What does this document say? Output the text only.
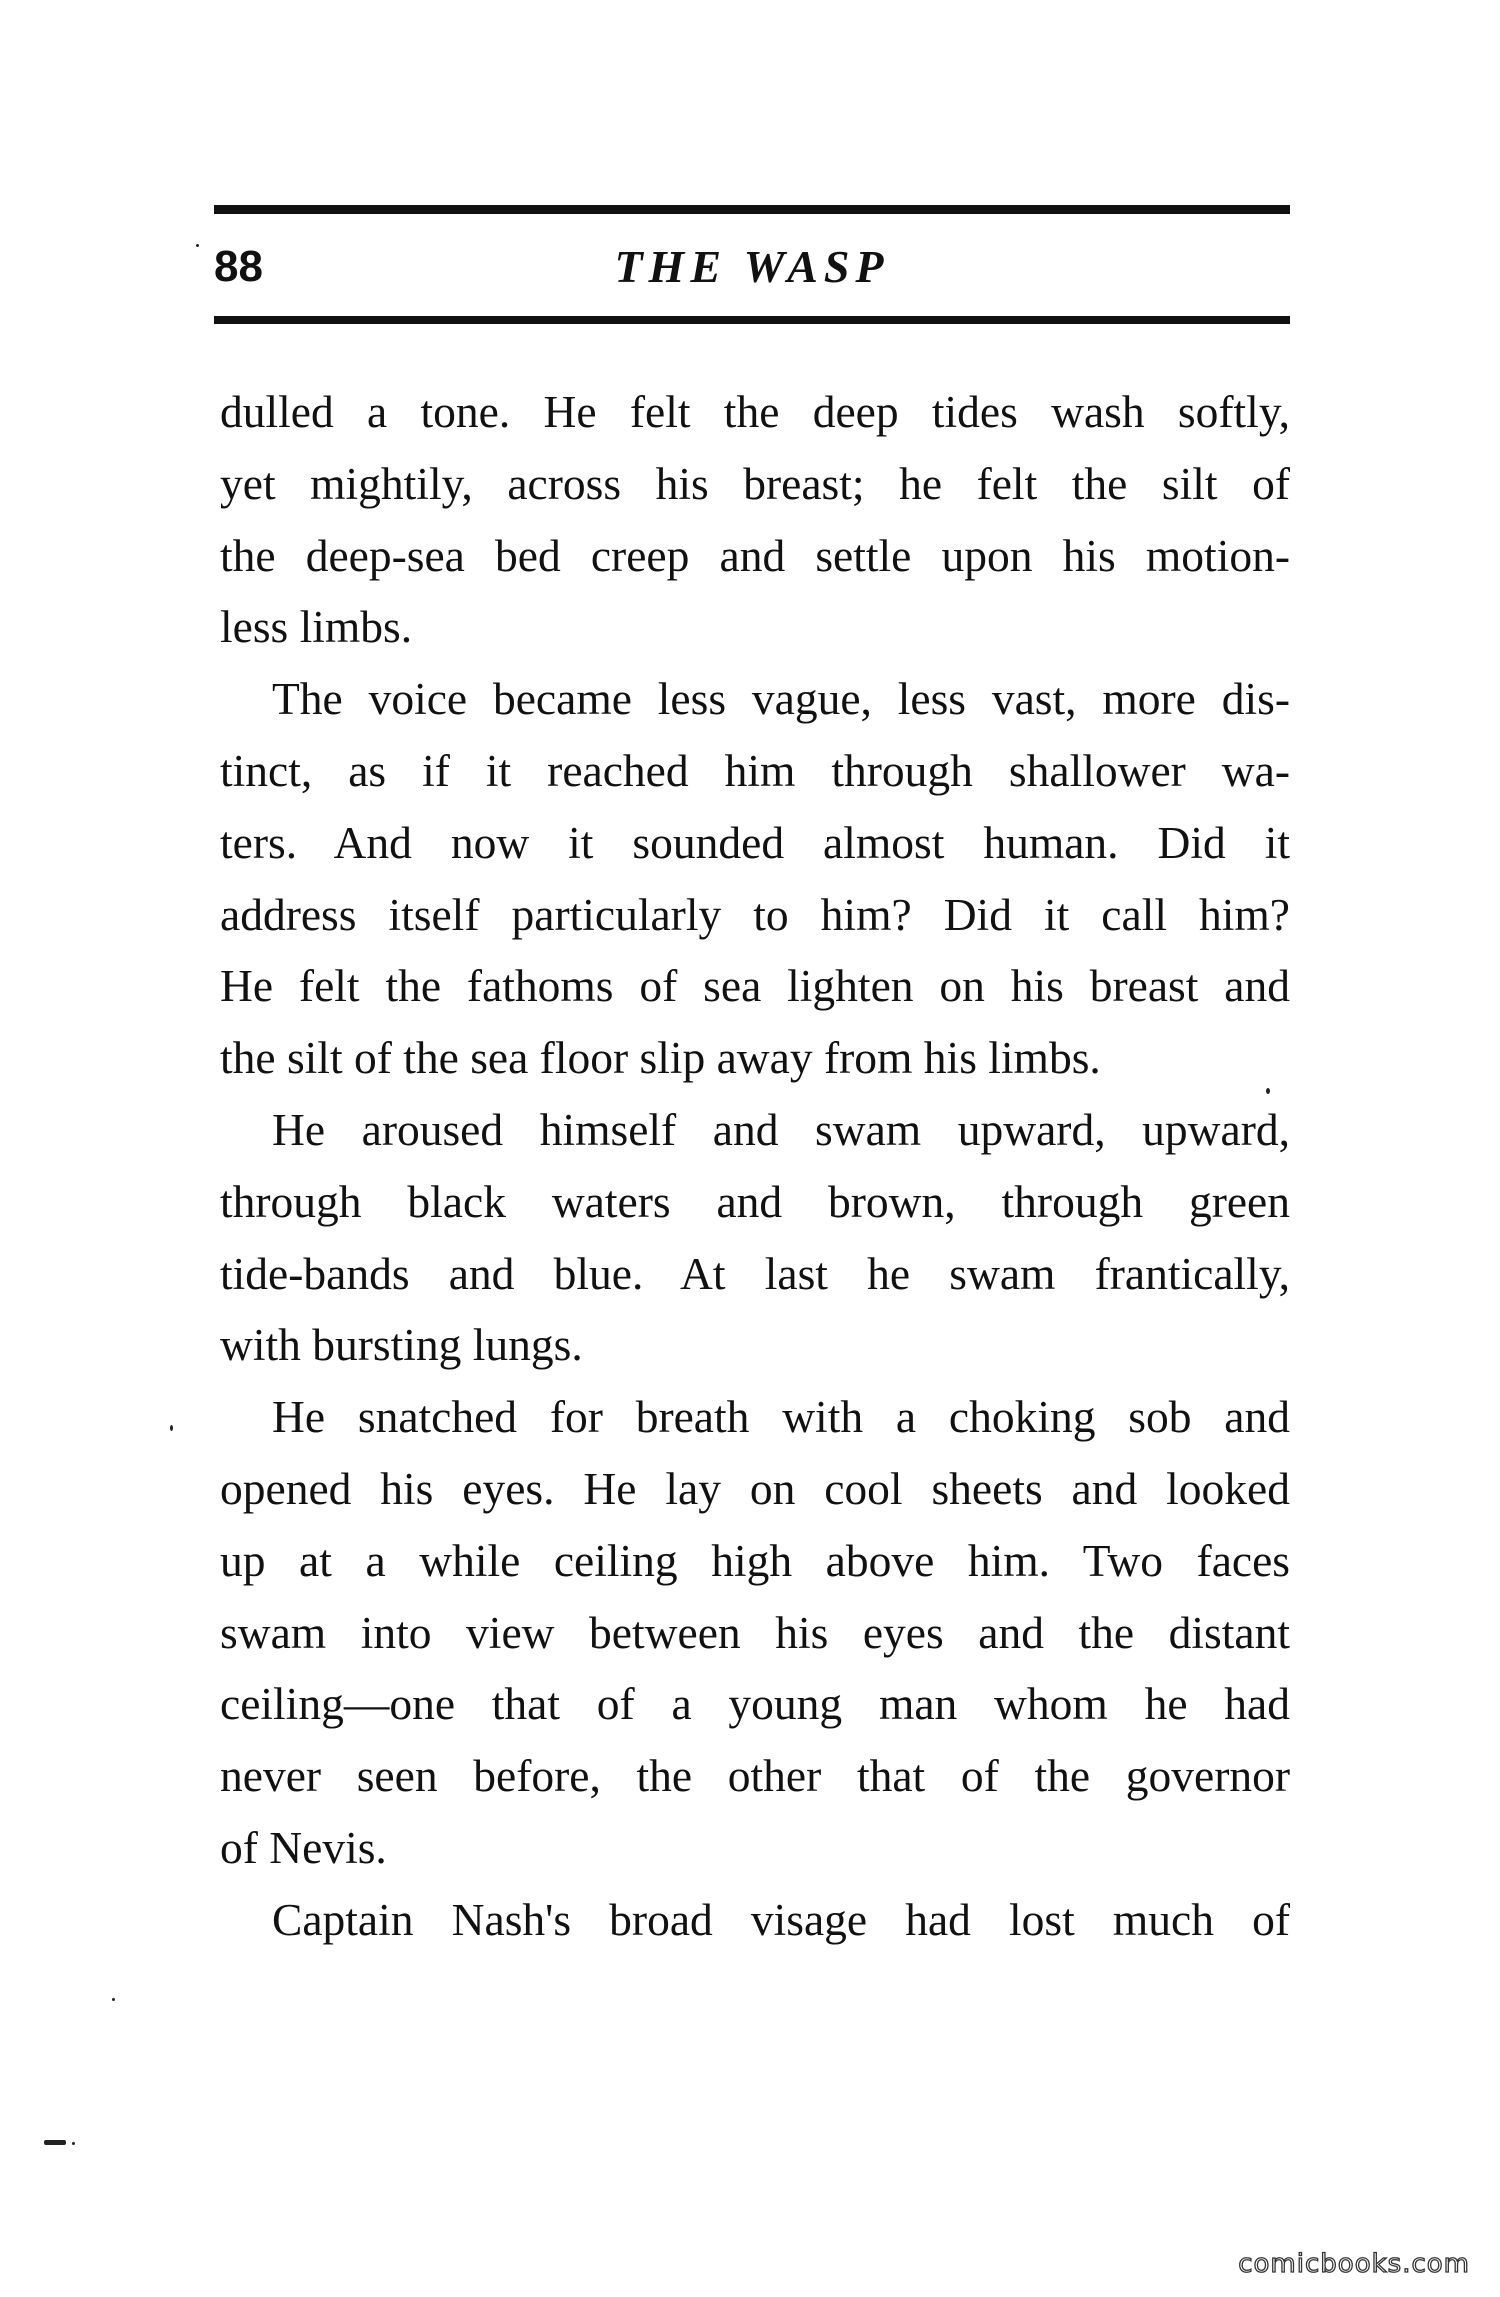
88	THE WASP
dulled a tone. He felt the deep tides wash softly,
yet mightily, across his breast; he felt the silt of
the deep-sea bed creep and settle upon his motion-
less limbs.
The voice became less vague, less vast, more dis-
tinct, as if it reached him through shallower wa-
ters. And now it sounded almost human. Did it
address itself particularly to him? Did it call him?
He felt the fathoms of sea lighten on his breast and
the silt of the sea floor slip away from his limbs.
He aroused himself and swam upward, upward,
through black waters and brown, through green
tide-bands and blue. At last he swam frantically,
with bursting lungs.
He snatched for breath with a choking sob and
opened his eyes. He lay on cool sheets and looked
up at a while ceiling high above him. Two faces
swam into view between his eyes and the distant
ceiling—one that of a young man whom he had
never seen before, the other that of the governor
of Nevis.
Captain Nash's broad visage had lost much of
comicbooks.com
